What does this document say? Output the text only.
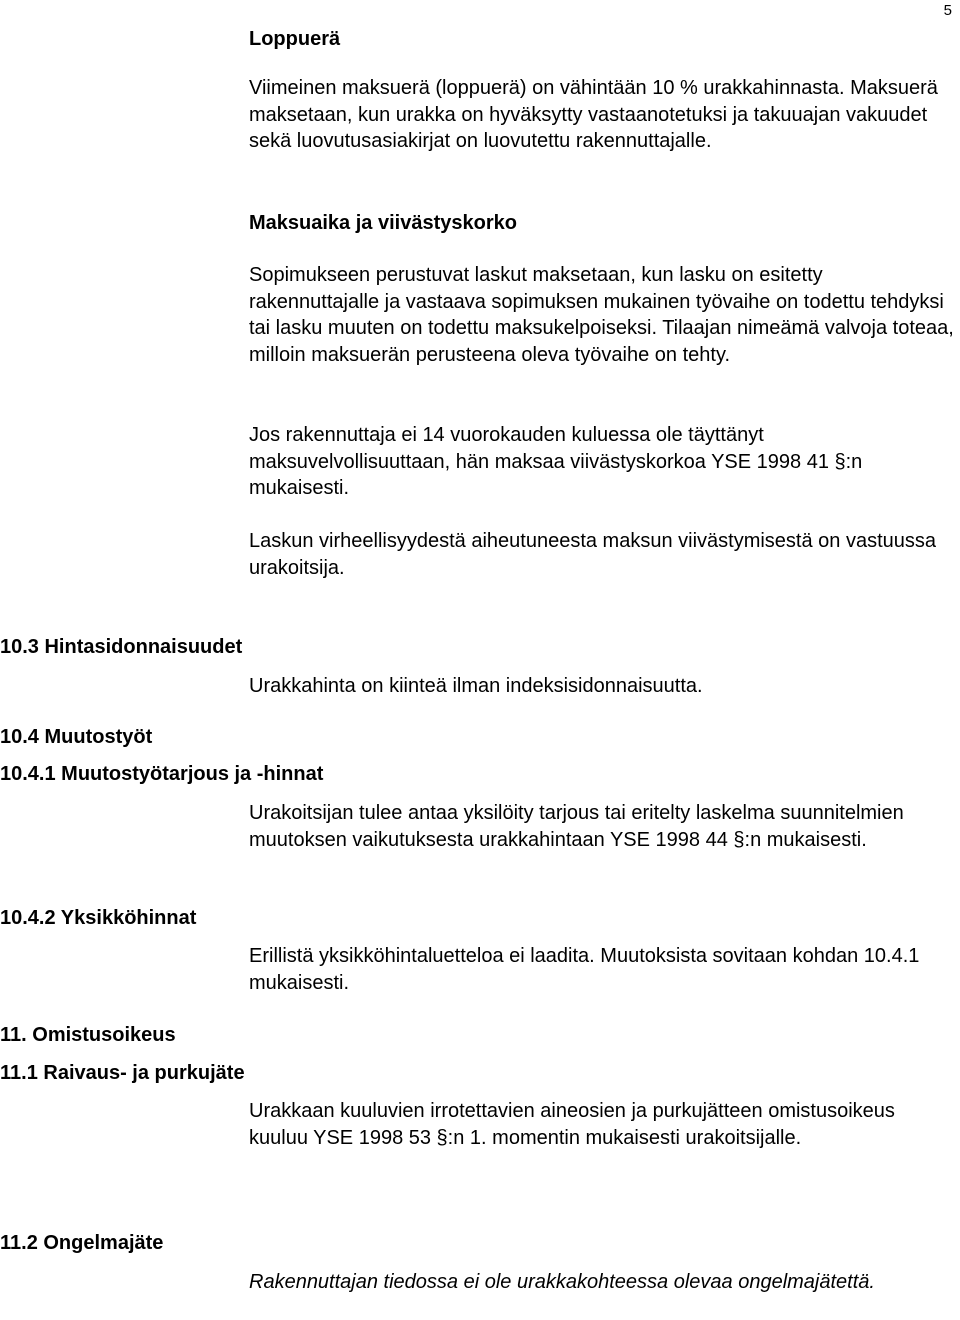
5
Loppuerä

Viimeinen maksuerä (loppuerä) on vähintään 10 % urakkahinnasta. Maksuerä maksetaan, kun urakka on hyväksytty vastaanotetuksi ja takuuajan vakuudet sekä luovutusasiakirjat on luovutettu rakennuttajalle.

Maksuaika ja viivästyskorko

Sopimukseen perustuvat laskut maksetaan, kun lasku on esitetty rakennuttajalle ja vastaava sopimuksen mukainen työvaihe on todettu tehdyksi tai lasku muuten on todettu maksukelpoiseksi. Tilaajan nimeämä valvoja toteaa, milloin maksuerän perusteena oleva työvaihe on tehty.

Jos rakennuttaja ei 14 vuorokauden kuluessa ole täyttänyt maksuvelvollisuuttaan, hän maksaa viivästyskorkoa YSE 1998 41 §:n mukaisesti.

Laskun virheellisyydestä aiheutuneesta maksun viivästymisestä on vastuussa urakoitsija.

10.3 Hintasidonnaisuudet

Urakkahinta on kiinteä ilman indeksisidonnaisuutta.

10.4 Muutostyöt
10.4.1 Muutostyötarjous ja -hinnat

Urakoitsijan tulee antaa yksilöity tarjous tai eritelty laskelma suunnitelmien muutoksen vaikutuksesta urakkahintaan YSE 1998 44 §:n mukaisesti.

10.4.2 Yksikköhinnat

Erillistä yksikköhintaluetteloa ei laadita. Muutoksista sovitaan kohdan 10.4.1 mukaisesti.

11. Omistusoikeus
11.1 Raivaus- ja purkujäte

Urakkaan kuuluvien irrotettavien aineosien ja purkujätteen omistusoikeus kuuluu YSE 1998 53 §:n 1. momentin mukaisesti urakoitsijalle.

11.2 Ongelmajäte

Rakennuttajan tiedossa ei ole urakkakohteessa olevaa ongelmajätettä.
